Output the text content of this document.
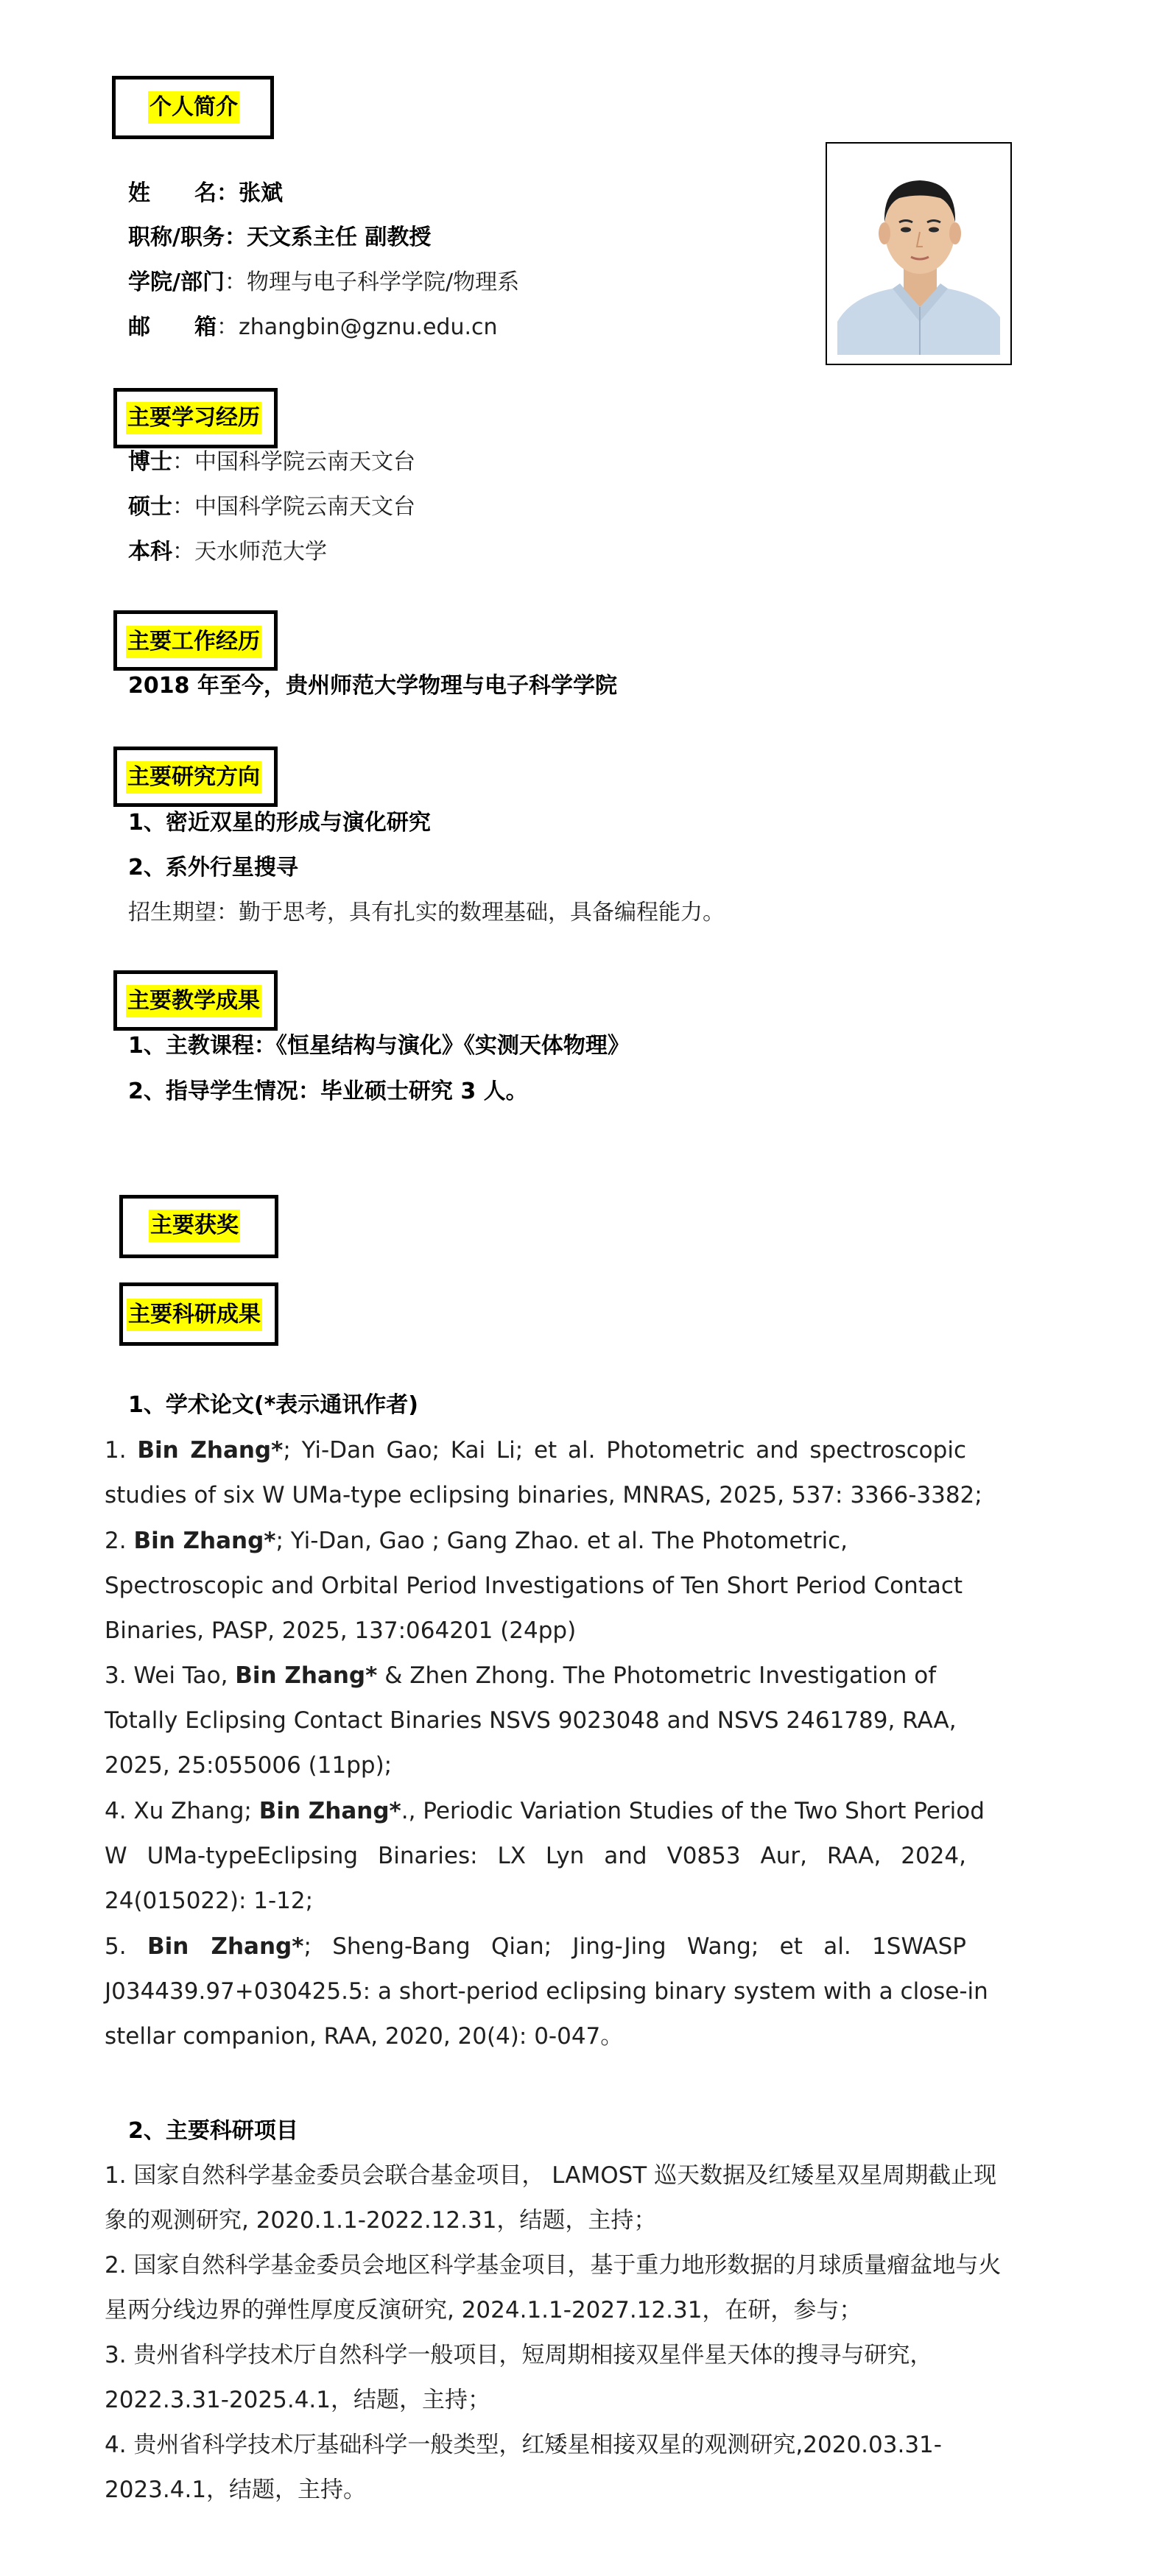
个人简介
姓　　名：张斌
职称/职务：天文系主任 副教授
学院/部门：物理与电子科学学院/物理系
邮　　箱：zhangbin@gznu.edu.cn
主要学习经历
博士：中国科学院云南天文台
硕士：中国科学院云南天文台
本科：天水师范大学
主要工作经历
2018 年至今，贵州师范大学物理与电子科学学院
主要研究方向
1、密近双星的形成与演化研究
2、系外行星搜寻
招生期望：勤于思考，具有扎实的数理基础，具备编程能力。
主要教学成果
1、主教课程：《恒星结构与演化》《实测天体物理》
2、指导学生情况：毕业硕士研究 3 人。
主要获奖
主要科研成果
1、学术论文(*表示通讯作者)
1. Bin Zhang*; Yi-Dan Gao; Kai Li; et al. Photometric and spectroscopic
studies of six W UMa-type eclipsing binaries, MNRAS, 2025, 537: 3366-3382;
2. Bin Zhang*; Yi-Dan, Gao ; Gang Zhao. et al. The Photometric,
Spectroscopic and Orbital Period Investigations of Ten Short Period Contact
Binaries, PASP, 2025, 137:064201 (24pp)
3. Wei Tao, Bin Zhang* & Zhen Zhong. The Photometric Investigation of
Totally Eclipsing Contact Binaries NSVS 9023048 and NSVS 2461789, RAA,
2025, 25:055006 (11pp);
4. Xu Zhang; Bin Zhang*., Periodic Variation Studies of the Two Short Period
W  UMa-typeEclipsing  Binaries:  LX  Lyn  and  V0853  Aur,  RAA,  2024,
24(015022): 1-12;
5.  Bin  Zhang*;  Sheng-Bang  Qian;  Jing-Jing  Wang;  et  al.  1SWASP
J034439.97+030425.5: a short-period eclipsing binary system with a close-in
stellar companion, RAA, 2020, 20(4): 0-047。
2、主要科研项目
1. 国家自然科学基金委员会联合基金项目， LAMOST 巡天数据及红矮星双星周期截止现
象的观测研究, 2020.1.1-2022.12.31，结题，主持；
2. 国家自然科学基金委员会地区科学基金项目，基于重力地形数据的月球质量瘤盆地与火
星两分线边界的弹性厚度反演研究, 2024.1.1-2027.12.31，在研，参与；
3. 贵州省科学技术厅自然科学一般项目，短周期相接双星伴星天体的搜寻与研究，
2022.3.31-2025.4.1，结题，主持；
4. 贵州省科学技术厅基础科学一般类型，红矮星相接双星的观测研究,2020.03.31-
2023.4.1，结题，主持。
